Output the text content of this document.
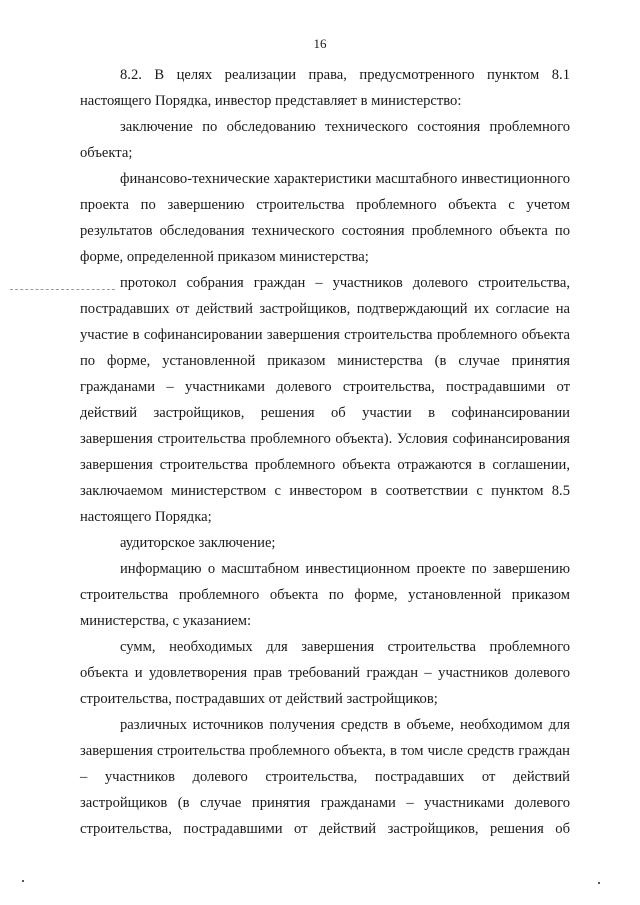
16

8.2. В целях реализации права, предусмотренного пунктом 8.1 настоящего Порядка, инвестор представляет в министерство:

заключение по обследованию технического состояния проблемного объекта;

финансово-технические характеристики масштабного инвестиционного проекта по завершению строительства проблемного объекта с учетом результатов обследования технического состояния проблемного объекта по форме, определенной приказом министерства;

протокол собрания граждан – участников долевого строительства, пострадавших от действий застройщиков, подтверждающий их согласие на участие в софинансировании завершения строительства проблемного объекта по форме, установленной приказом министерства (в случае принятия гражданами – участниками долевого строительства, пострадавшими от действий застройщиков, решения об участии в софинансировании завершения строительства проблемного объекта). Условия софинансирования завершения строительства проблемного объекта отражаются в соглашении, заключаемом министерством с инвестором в соответствии с пунктом 8.5 настоящего Порядка;

аудиторское заключение;

информацию о масштабном инвестиционном проекте по завершению строительства проблемного объекта по форме, установленной приказом министерства, с указанием:

сумм, необходимых для завершения строительства проблемного объекта и удовлетворения прав требований граждан – участников долевого строительства, пострадавших от действий застройщиков;

различных источников получения средств в объеме, необходимом для завершения строительства проблемного объекта, в том числе средств граждан – участников долевого строительства, пострадавших от действий застройщиков (в случае принятия гражданами – участниками долевого строительства, пострадавшими от действий застройщиков, решения об
